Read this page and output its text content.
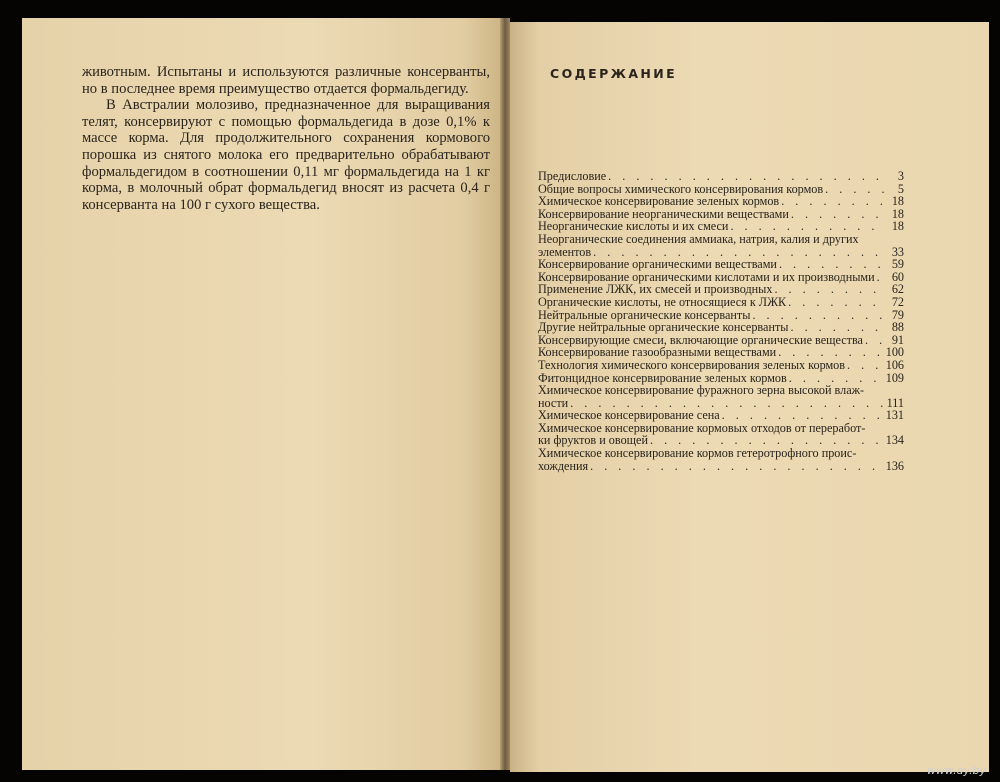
животным. Испытаны и используются различные консерванты, но в последнее время преимущество отдается формальдегиду.

В Австралии молозиво, предназначенное для выращивания телят, консервируют с помощью формальдегида в дозе 0,1% к массе корма. Для продолжительного сохранения кормового порошка из снятого молока его предварительно обрабатывают формальдегидом в соотношении 0,11 мг формальдегида на 1 кг корма, в молочный обрат формальдегид вносят из расчета 0,4 г консерванта на 100 г сухого вещества.

СОДЕРЖАНИЕ
Предисловие . . .	3
Общие вопросы химического консервирования кормов . . .	5
Химическое консервирование зеленых кормов . . .	18
Консервирование неорганическими веществами . . .	18
Неорганические кислоты и их смеси . . .	18
Неорганические соединения аммиака, натрия, калия и других
элементов . . .	33
Консервирование органическими веществами . . .	59
Консервирование органическими кислотами и их производными . . .	60
Применение ЛЖК, их смесей и производных . . .	62
Органические кислоты, не относящиеся к ЛЖК . . .	72
Нейтральные органические консерванты . . .	79
Другие нейтральные органические консерванты . . .	88
Консервирующие смеси, включающие органические вещества . . .	91
Консервирование газообразными веществами . . .	100
Технология химического консервирования зеленых кормов . . .	106
Фитонцидное консервирование зеленых кормов . . .	109
Химическое консервирование фуражного зерна высокой влаж-
ности . . .	111
Химическое консервирование сена . . .	131
Химическое консервирование кормовых отходов от переработ-
ки фруктов и овощей . . .	134
Химическое консервирование кормов гетеротрофного проис-
хождения . . .	136
www.ay.by
